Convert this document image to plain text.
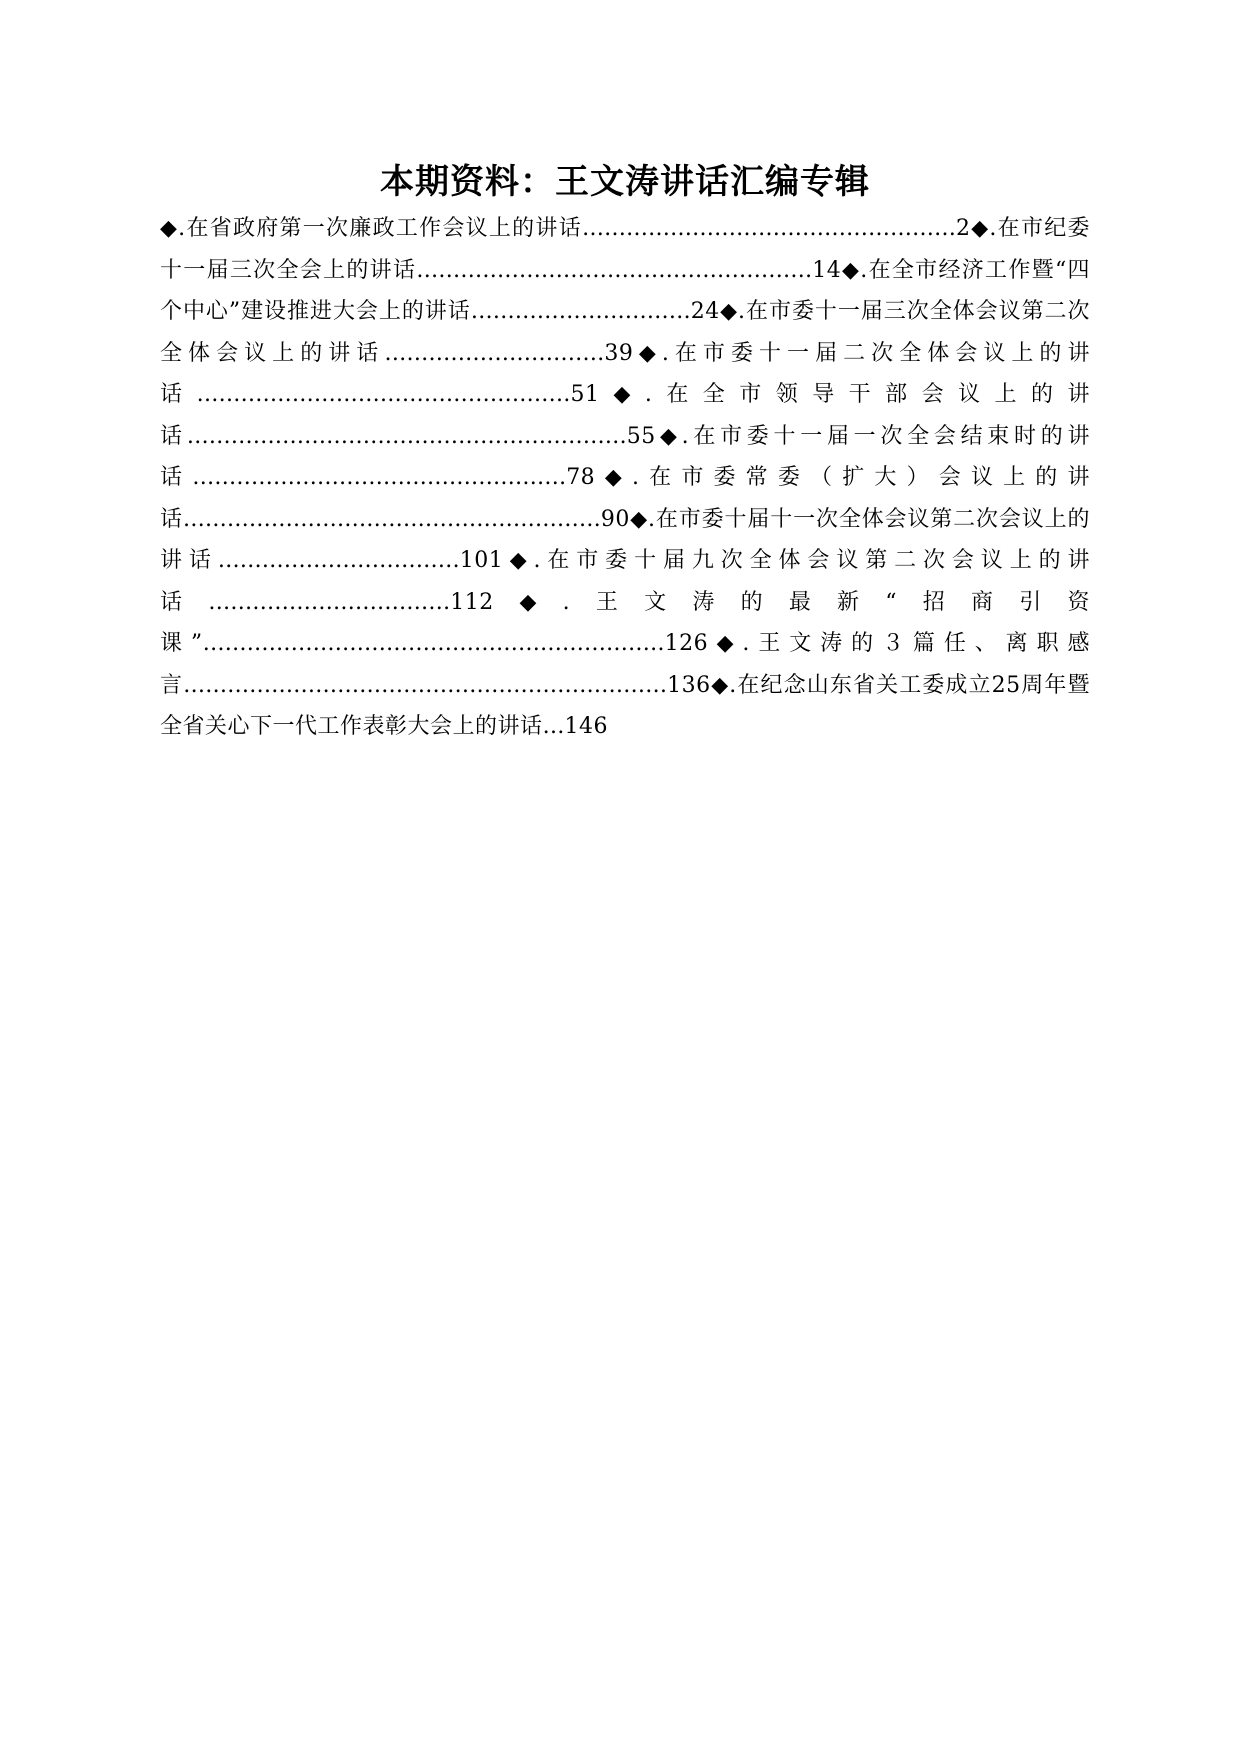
本期资料：王文涛讲话汇编专辑
◆.在省政府第一次廉政工作会议上的讲话……………………………………………2◆.在市纪委十一届三次全会上的讲话………………………………………………14◆.在全市经济工作暨“四个中心”建设推进大会上的讲话…………………………24◆.在市委十一届三次全体会议第二次全体会议上的讲话…………………………39◆.在市委十一届二次全体会议上的讲话……………………………………………51◆.在全市领导干部会议上的讲话……………………………………………………55◆.在市委十一届一次全会结束时的讲话……………………………………………78◆.在市委常委（扩大）会议上的讲话…………………………………………………90◆.在市委十届十一次全体会议第二次会议上的讲话……………………………101◆.在市委十届九次全体会议第二次会议上的讲话……………………………112◆.王文涛的最新“招商引资课”………………………………………………………126◆.王文涛的３篇任、离职感言…………………………………………………………136◆.在纪念山东省关工委成立25周年暨全省关心下一代工作表彰大会上的讲话…146
